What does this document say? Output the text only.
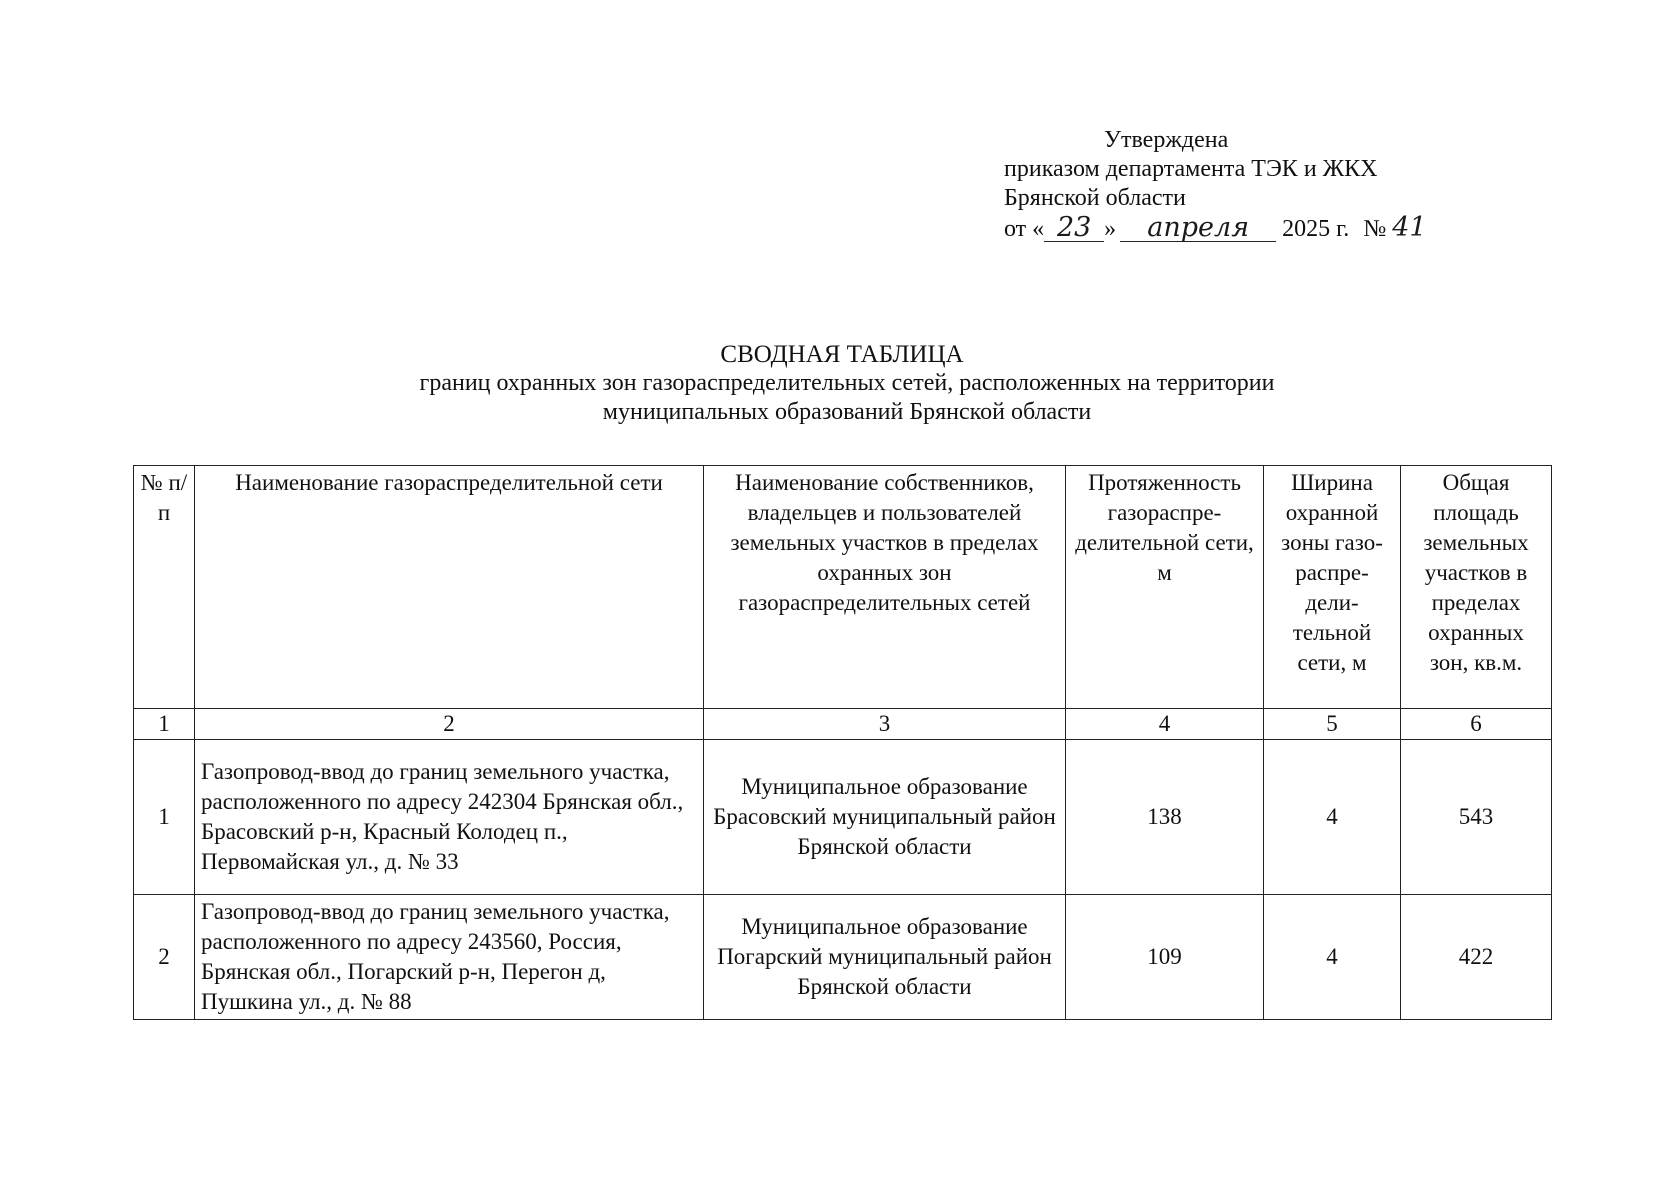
Утверждена
приказом департамента ТЭК и ЖКХ
Брянской области
от « 23 » апреля 2025 г. № 41
СВОДНАЯ ТАБЛИЦА
границ охранных зон газораспределительных сетей, расположенных на территории
муниципальных образований Брянской области
№ п/п	Наименование газораспределительной сети	Наименование собственников, владельцев и пользователей земельных участков в пределах охранных зон газораспределительных сетей	Протяженность газораспре-делительной сети, м	Ширина охранной зоны газо-распре-дели-тельной сети, м	Общая площадь земельных участков в пределах охранных зон, кв.м.
1	2	3	4	5	6
1	Газопровод-ввод до границ земельного участка, расположенного по адресу 242304 Брянская обл., Брасовский р-н, Красный Колодец п., Первомайская ул., д. № 33	Муниципальное образование Брасовский муниципальный район Брянской области	138	4	543
2	Газопровод-ввод до границ земельного участка, расположенного по адресу 243560, Россия, Брянская обл., Погарский р-н, Перегон д, Пушкина ул., д. № 88	Муниципальное образование Погарский муниципальный район Брянской области	109	4	422
